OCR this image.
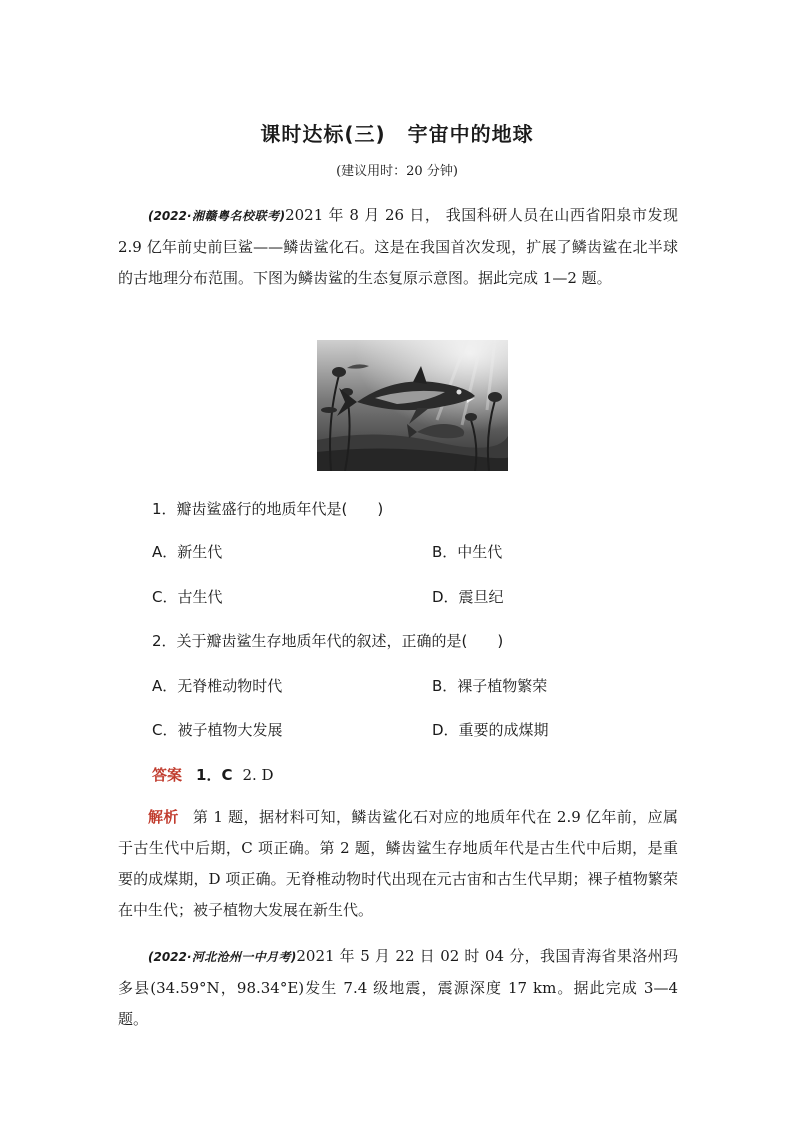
课时达标(三) 宇宙中的地球
(建议用时：20 分钟)
(2022·湘赣粤名校联考)2021 年 8 月 26 日， 我国科研人员在山西省阳泉市发现 2.9 亿年前史前巨鲨——鳞齿鲨化石。这是在我国首次发现，扩展了鳞齿鲨在北半球的古地理分布范围。下图为鳞齿鲨的生态复原示意图。据此完成 1—2 题。
1．瓣齿鲨盛行的地质年代是(　　)
A．新生代	B．中生代
C．古生代	D．震旦纪
2．关于瓣齿鲨生存地质年代的叙述，正确的是(　　)
A．无脊椎动物时代	B．裸子植物繁荣
C．被子植物大发展	D．重要的成煤期
答案 1．C 2. D
解析 第 1 题，据材料可知，鳞齿鲨化石对应的地质年代在 2.9 亿年前，应属于古生代中后期，C 项正确。第 2 题，鳞齿鲨生存地质年代是古生代中后期，是重要的成煤期，D 项正确。无脊椎动物时代出现在元古宙和古生代早期；裸子植物繁荣在中生代；被子植物大发展在新生代。
(2022·河北沧州一中月考)2021 年 5 月 22 日 02 时 04 分，我国青海省果洛州玛多县(34.59°N，98.34°E)发生 7.4 级地震，震源深度 17 km。据此完成 3—4 题。
